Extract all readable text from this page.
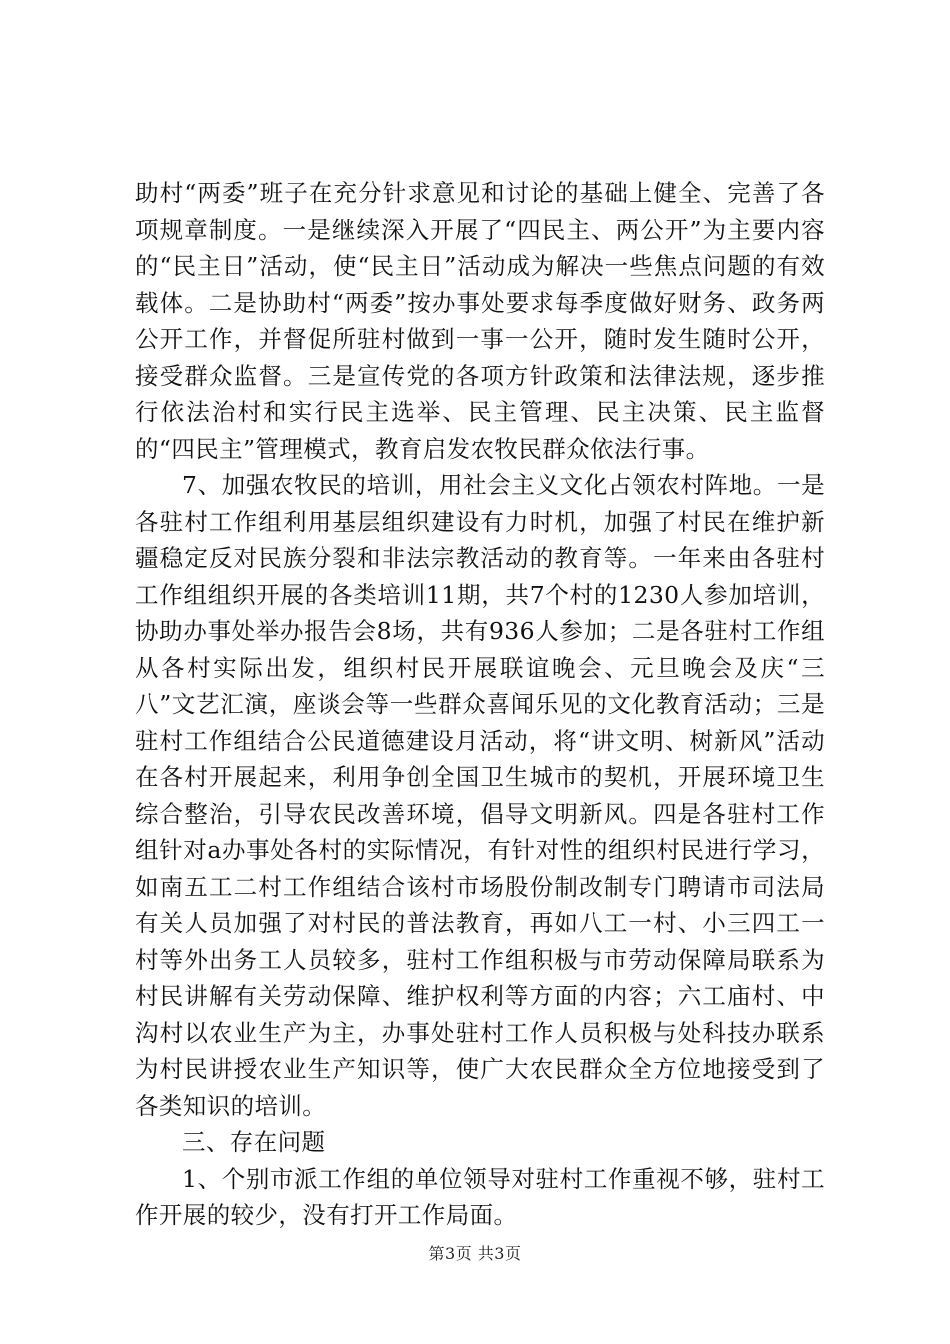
助村“两委”班子在充分针求意见和讨论的基础上健全、完善了各项规章制度。一是继续深入开展了“四民主、两公开”为主要内容的“民主日”活动，使“民主日”活动成为解决一些焦点问题的有效载体。二是协助村“两委”按办事处要求每季度做好财务、政务两公开工作，并督促所驻村做到一事一公开，随时发生随时公开，接受群众监督。三是宣传党的各项方针政策和法律法规，逐步推行依法治村和实行民主选举、民主管理、民主决策、民主监督的“四民主”管理模式，教育启发农牧民群众依法行事。

7、加强农牧民的培训，用社会主义文化占领农村阵地。一是各驻村工作组利用基层组织建设有力时机，加强了村民在维护新疆稳定反对民族分裂和非法宗教活动的教育等。一年来由各驻村工作组组织开展的各类培训11期，共7个村的1230人参加培训，协助办事处举办报告会8场，共有936人参加；二是各驻村工作组从各村实际出发，组织村民开展联谊晚会、元旦晚会及庆“三八”文艺汇演，座谈会等一些群众喜闻乐见的文化教育活动；三是驻村工作组结合公民道德建设月活动，将“讲文明、树新风”活动在各村开展起来，利用争创全国卫生城市的契机，开展环境卫生综合整治，引导农民改善环境，倡导文明新风。四是各驻村工作组针对a办事处各村的实际情况，有针对性的组织村民进行学习，如南五工二村工作组结合该村市场股份制改制专门聘请市司法局有关人员加强了对村民的普法教育，再如八工一村、小三四工一村等外出务工人员较多，驻村工作组积极与市劳动保障局联系为村民讲解有关劳动保障、维护权利等方面的内容；六工庙村、中沟村以农业生产为主，办事处驻村工作人员积极与处科技办联系为村民讲授农业生产知识等，使广大农民群众全方位地接受到了各类知识的培训。

三、存在问题

1、个别市派工作组的单位领导对驻村工作重视不够，驻村工作开展的较少，没有打开工作局面。

第3页 共3页
